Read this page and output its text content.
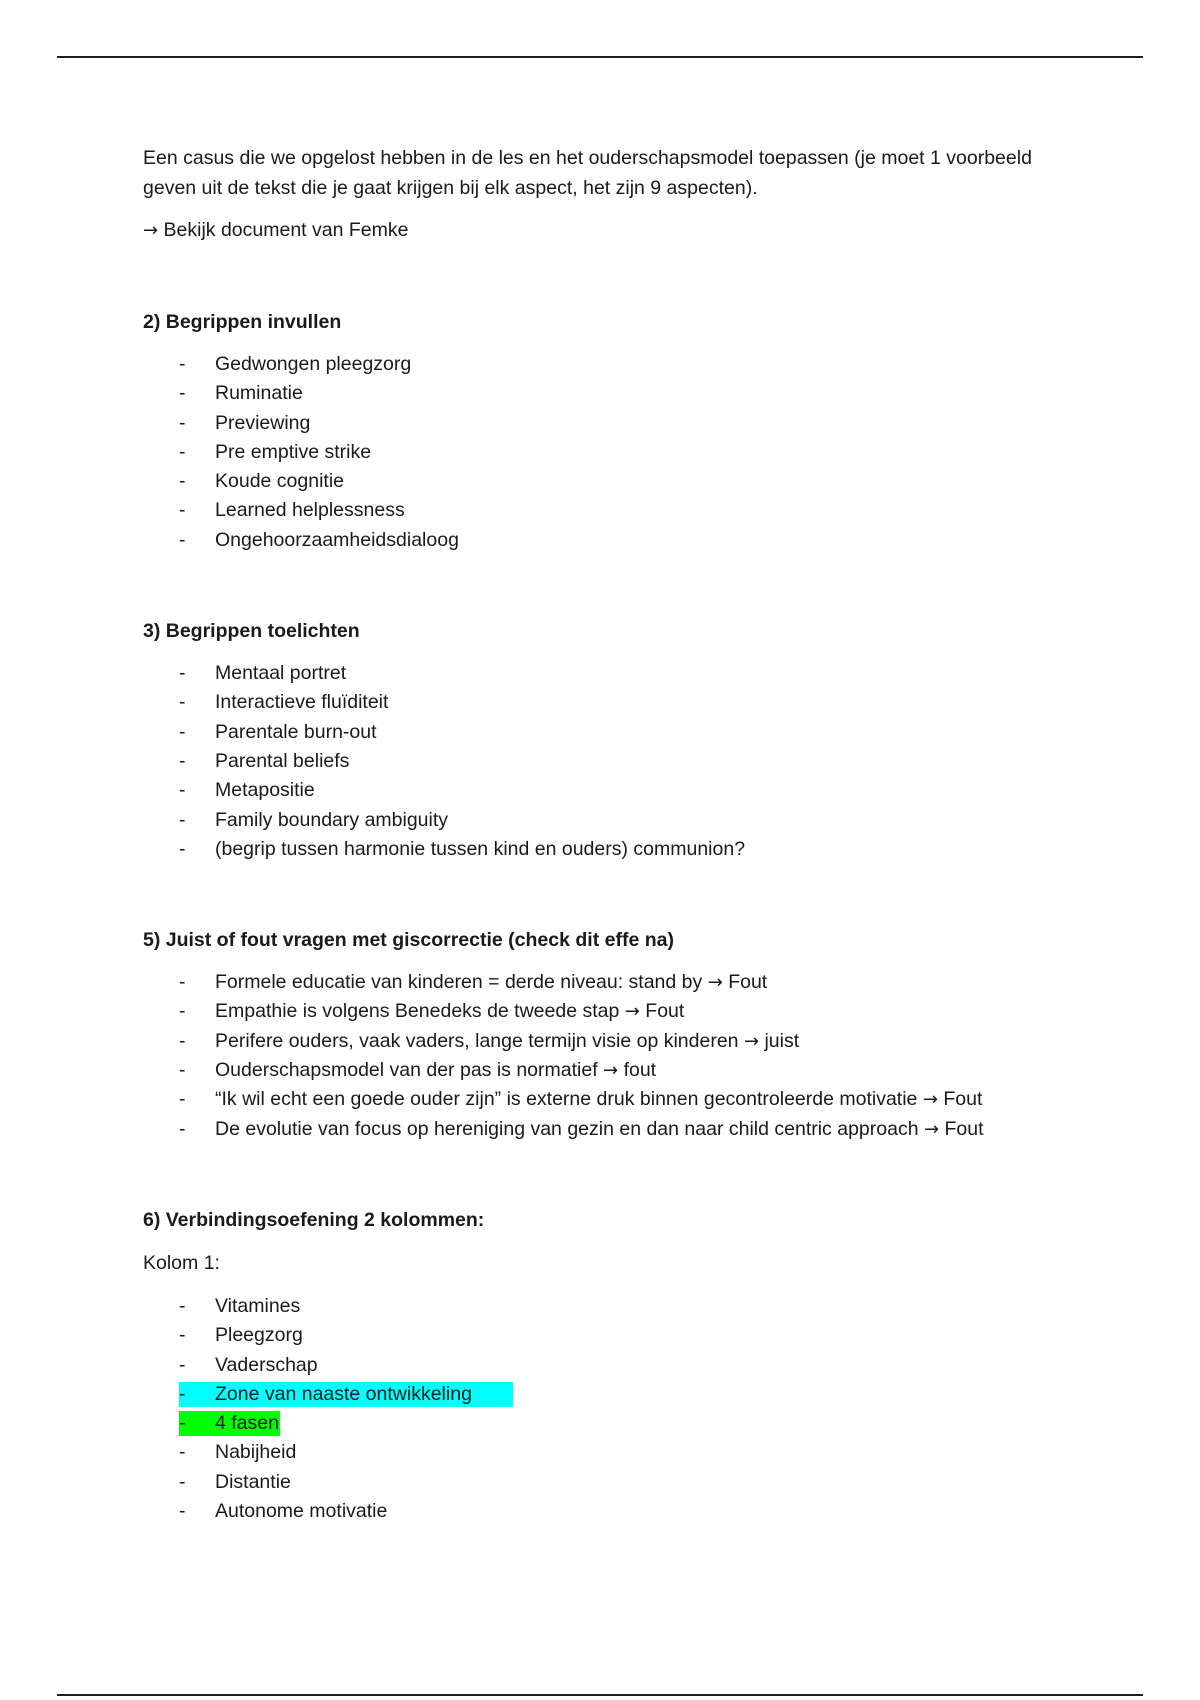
Een casus die we opgelost hebben in de les en het ouderschapsmodel toepassen (je moet 1 voorbeeld geven uit de tekst die je gaat krijgen bij elk aspect, het zijn 9 aspecten).

→ Bekijk document van Femke

2) Begrippen invullen

- Gedwongen pleegzorg
- Ruminatie
- Previewing
- Pre emptive strike
- Koude cognitie
- Learned helplessness
- Ongehoorzaamheidsdialoog

3) Begrippen toelichten

- Mentaal portret
- Interactieve fluïditeit
- Parentale burn-out
- Parental beliefs
- Metapositie
- Family boundary ambiguity
- (begrip tussen harmonie tussen kind en ouders) communion?

5) Juist of fout vragen met giscorrectie (check dit effe na)

- Formele educatie van kinderen = derde niveau: stand by → Fout
- Empathie is volgens Benedeks de tweede stap → Fout
- Perifere ouders, vaak vaders, lange termijn visie op kinderen → juist
- Ouderschapsmodel van der pas is normatief → fout
- “Ik wil echt een goede ouder zijn” is externe druk binnen gecontroleerde motivatie → Fout
- De evolutie van focus op hereniging van gezin en dan naar child centric approach → Fout

6) Verbindingsoefening 2 kolommen:

Kolom 1:

- Vitamines
- Pleegzorg
- Vaderschap
- Zone van naaste ontwikkeling
- 4 fasen
- Nabijheid
- Distantie
- Autonome motivatie
